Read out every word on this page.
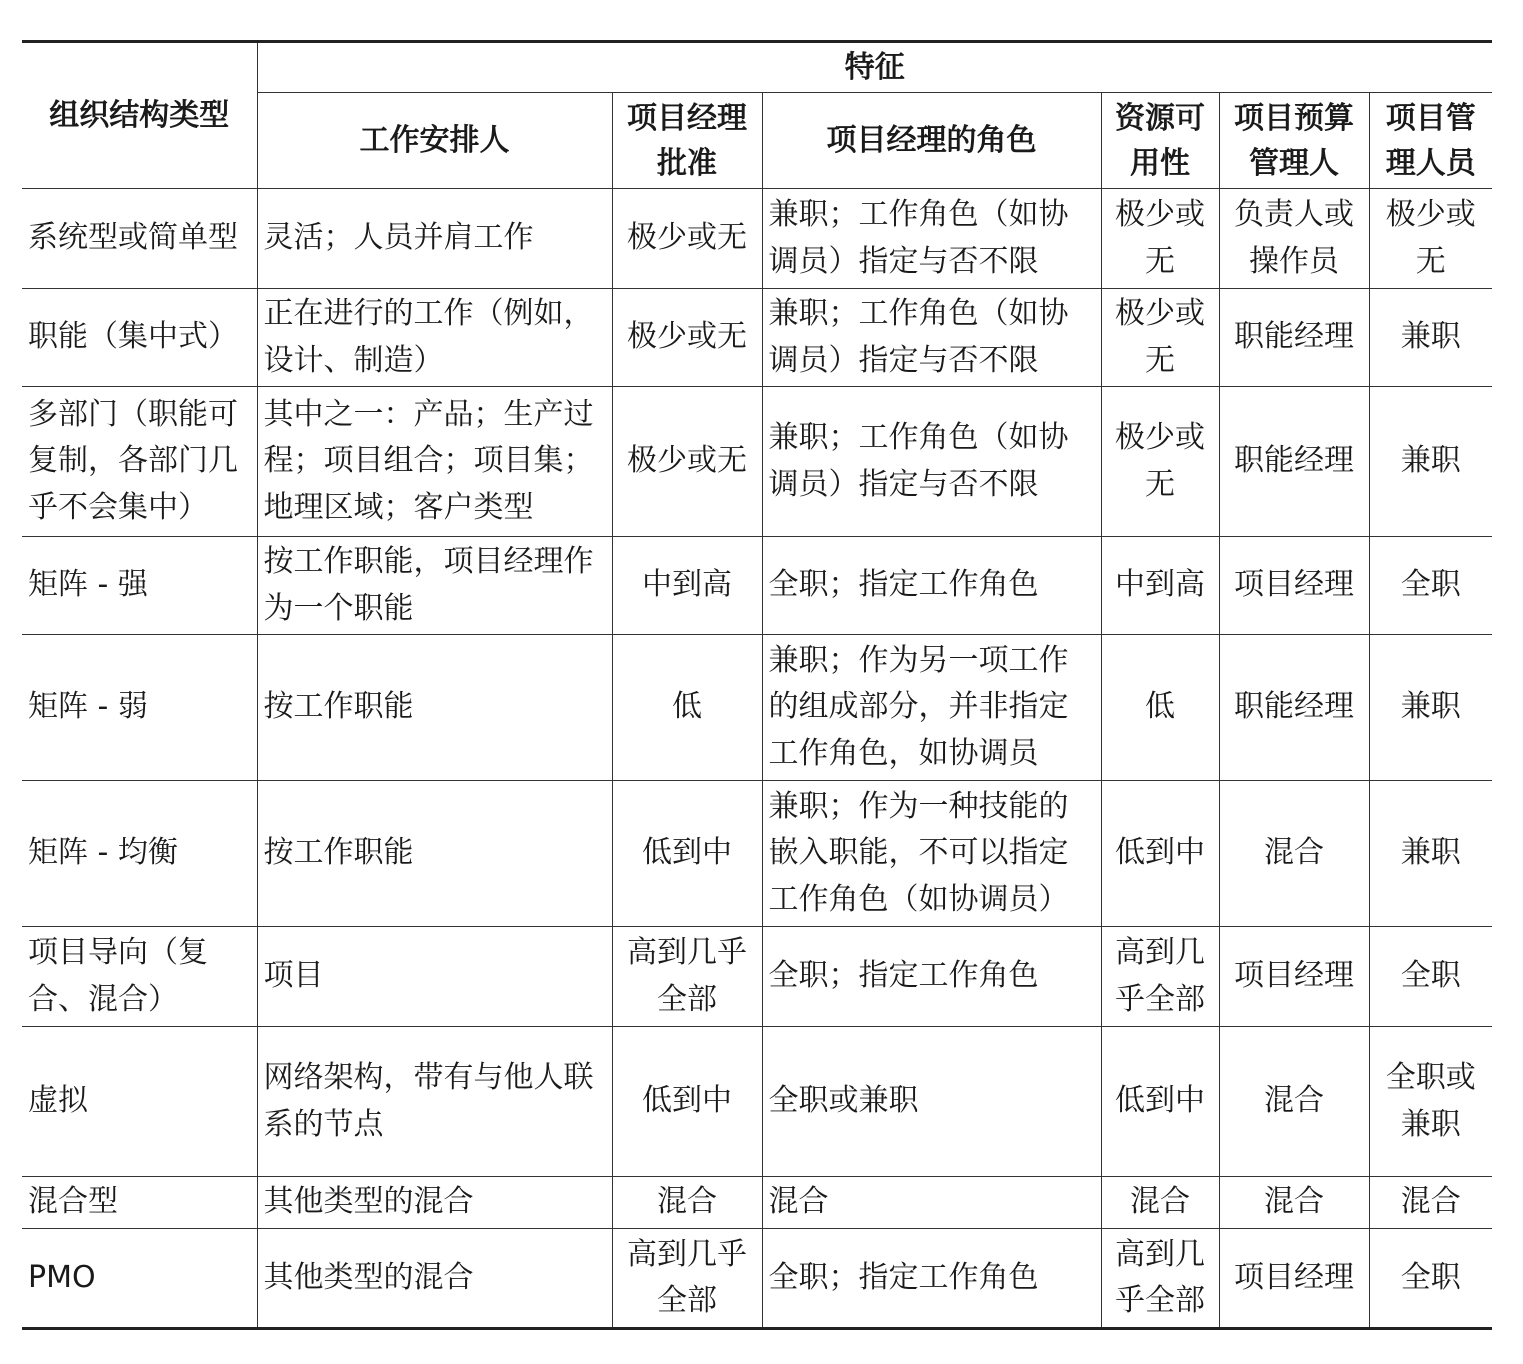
组织结构类型	特征					
	工作安排人	项目经理批准	项目经理的角色	资源可用性	项目预算管理人	项目管理人员
系统型或简单型	灵活；人员并肩工作	极少或无	兼职；工作角色（如协调员）指定与否不限	极少或无	负责人或操作员	极少或无
职能（集中式）	正在进行的工作（例如，设计、制造）	极少或无	兼职；工作角色（如协调员）指定与否不限	极少或无	职能经理	兼职
多部门（职能可复制，各部门几乎不会集中）	其中之一：产品；生产过程；项目组合；项目集；地理区域；客户类型	极少或无	兼职；工作角色（如协调员）指定与否不限	极少或无	职能经理	兼职
矩阵 - 强	按工作职能，项目经理作为一个职能	中到高	全职；指定工作角色	中到高	项目经理	全职
矩阵 - 弱	按工作职能	低	兼职；作为另一项工作的组成部分，并非指定工作角色，如协调员	低	职能经理	兼职
矩阵 - 均衡	按工作职能	低到中	兼职；作为一种技能的嵌入职能，不可以指定工作角色（如协调员）	低到中	混合	兼职
项目导向（复合、混合）	项目	高到几乎全部	全职；指定工作角色	高到几乎全部	项目经理	全职
虚拟	网络架构，带有与他人联系的节点	低到中	全职或兼职	低到中	混合	全职或兼职
混合型	其他类型的混合	混合	混合	混合	混合	混合
PMO	其他类型的混合	高到几乎全部	全职；指定工作角色	高到几乎全部	项目经理	全职
